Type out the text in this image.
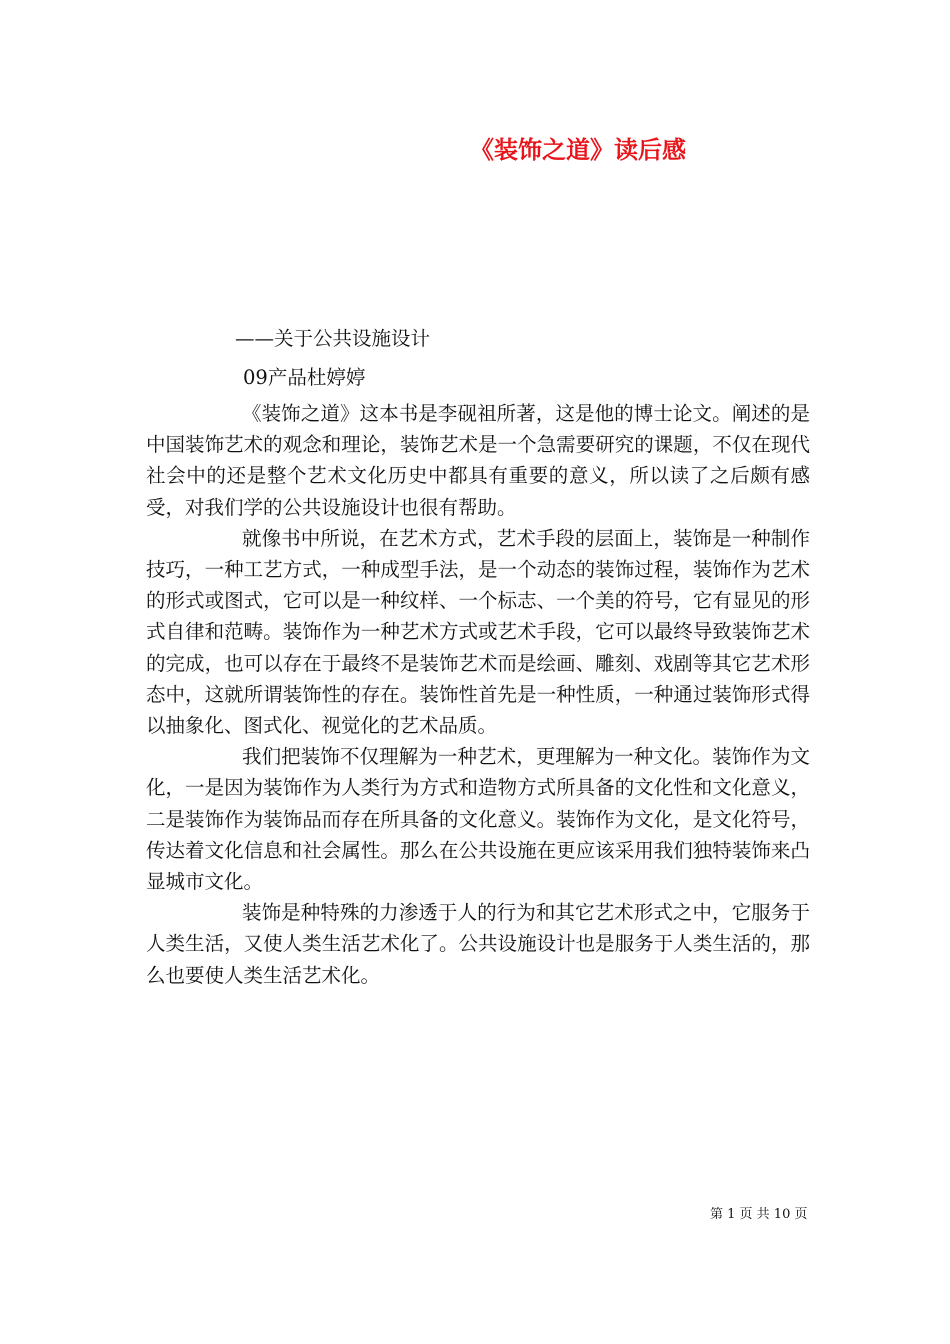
《装饰之道》读后感
——关于公共设施设计
09产品杜婷婷

《装饰之道》这本书是李砚祖所著，这是他的博士论文。阐述的是中国装饰艺术的观念和理论，装饰艺术是一个急需要研究的课题，不仅在现代社会中的还是整个艺术文化历史中都具有重要的意义，所以读了之后颇有感受，对我们学的公共设施设计也很有帮助。

就像书中所说，在艺术方式，艺术手段的层面上，装饰是一种制作技巧，一种工艺方式，一种成型手法，是一个动态的装饰过程，装饰作为艺术的形式或图式，它可以是一种纹样、一个标志、一个美的符号，它有显见的形式自律和范畴。装饰作为一种艺术方式或艺术手段，它可以最终导致装饰艺术的完成，也可以存在于最终不是装饰艺术而是绘画、雕刻、戏剧等其它艺术形态中，这就所谓装饰性的存在。装饰性首先是一种性质，一种通过装饰形式得以抽象化、图式化、视觉化的艺术品质。

我们把装饰不仅理解为一种艺术，更理解为一种文化。装饰作为文化，一是因为装饰作为人类行为方式和造物方式所具备的文化性和文化意义，二是装饰作为装饰品而存在所具备的文化意义。装饰作为文化，是文化符号，传达着文化信息和社会属性。那么在公共设施在更应该采用我们独特装饰来凸显城市文化。

装饰是种特殊的力渗透于人的行为和其它艺术形式之中，它服务于人类生活，又使人类生活艺术化了。公共设施设计也是服务于人类生活的，那么也要使人类生活艺术化。

第 1 页 共 10 页
